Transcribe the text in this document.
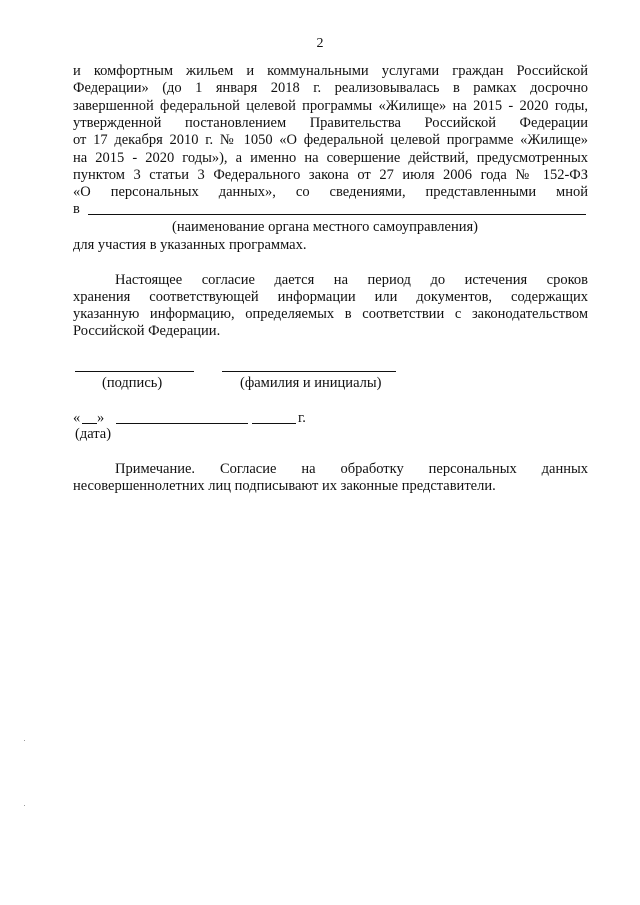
2
и комфортным жильем и коммунальными услугами граждан Российской
Федерации» (до 1 января 2018 г. реализовывалась в рамках досрочно
завершенной федеральной целевой программы «Жилище» на 2015 - 2020 годы,
утвержденной постановлением Правительства Российской Федерации
от 17 декабря 2010 г. № 1050 «О федеральной целевой программе «Жилище»
на 2015 - 2020 годы»), а именно на совершение действий, предусмотренных
пунктом 3 статьи 3 Федерального закона от 27 июля 2006 года № 152-ФЗ
«О персональных данных», со сведениями, представленными мной
в
(наименование органа местного самоуправления)
для участия в указанных программах.
Настоящее согласие дается на период до истечения сроков
хранения соответствующей информации или документов, содержащих
указанную информацию, определяемых в соответствии с законодательством
Российской Федерации.
(подпись)	(фамилия и инициалы)
« »	г.
(дата)
Примечание. Согласие на обработку персональных данных
несовершеннолетних лиц подписывают их законные представители.
